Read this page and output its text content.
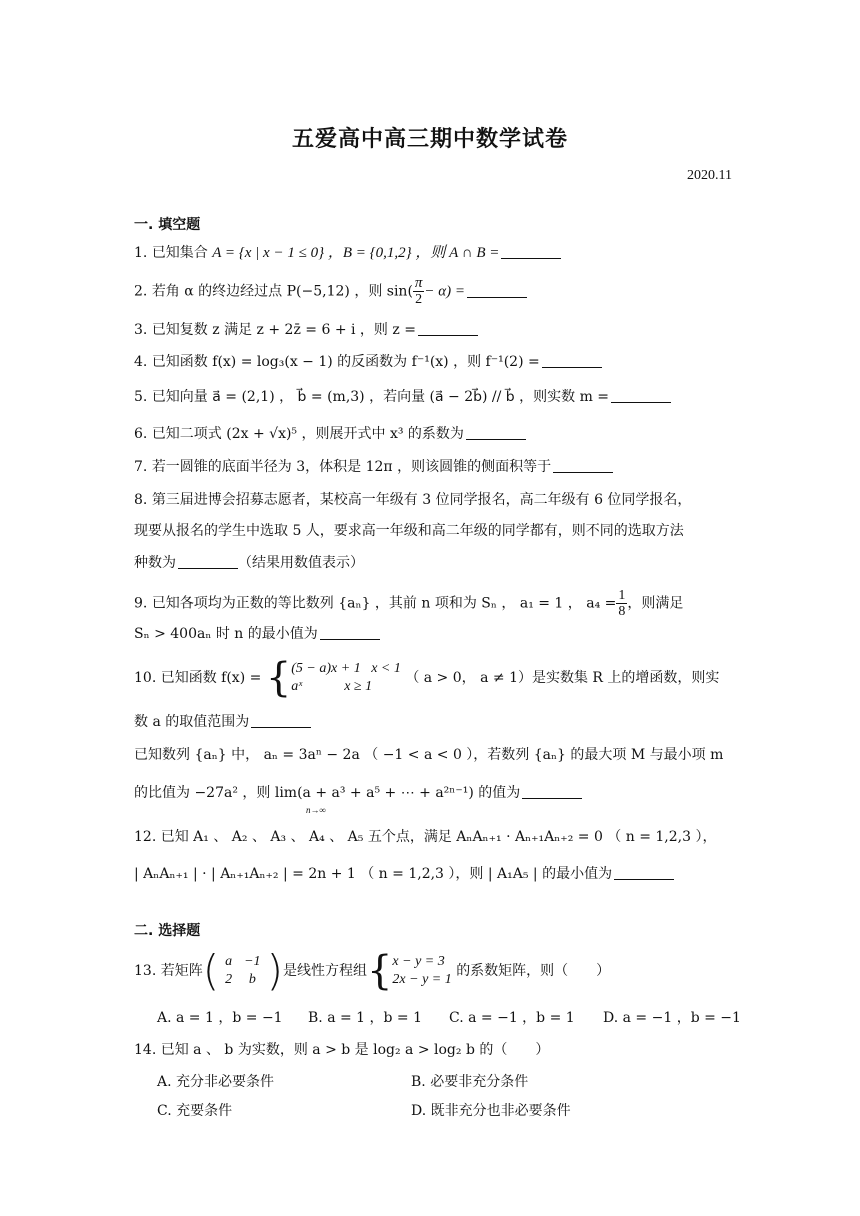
五爱高中高三期中数学试卷
2020.11
一. 填空题
1. 已知集合 A = {x | x − 1 ≤ 0} ，B = {0,1,2} ，则 A ∩ B =
2. 若角 α 的终边经过点 P(−5,12) ，则 $\sin( \frac{\pi}{2} - \alpha)$ =
3. 已知复数 z 满足 z + 2z̄ = 6 + i ，则 z =
4. 已知函数 f(x) = log₃(x − 1) 的反函数为 f⁻¹(x) ，则 f⁻¹(2) =
5. 已知向量 a⃗ = (2,1) ， b⃗ = (m,3) ，若向量 (a⃗ − 2b⃗) // b⃗ ，则实数 m =
6. 已知二项式 (2x + √x)⁵ ，则展开式中 x³ 的系数为
7. 若一圆锥的底面半径为 3，体积是 12π ，则该圆锥的侧面积等于
8. 第三届进博会招募志愿者，某校高一年级有 3 位同学报名，高二年级有 6 位同学报名，
现要从报名的学生中选取 5 人，要求高一年级和高二年级的同学都有，则不同的选取方法
种数为	（结果用数值表示）
9. 已知各项均为正数的等比数列 {aₙ} ，其前 n 项和为 Sₙ ， a₁ = 1 ， $a_4 = \frac{1}{8}$ ，则满足
Sₙ > 400aₙ 时 n 的最小值为
10. 已知函数 f(x) = { (5 − a)x + 1   x < 1
aˣ            x ≥ 1
（ a > 0， a ≠ 1）是实数集 R 上的增函数，则实
数 a 的取值范围为
已知数列 {aₙ} 中， aₙ = 3aⁿ − 2a （ −1 < a < 0 ），若数列 {aₙ} 的最大项 M 与最小项 m
的比值为 −27a² ，则 lim(a + a³ + a⁵ + ⋯ + a²ⁿ⁻¹) 的值为
n→∞
12. 已知 A₁ 、 A₂ 、 A₃ 、 A₄ 、 A₅ 五个点，满足 AₙAₙ₊₁ · Aₙ₊₁Aₙ₊₂ = 0 （ n = 1,2,3 ），
| AₙAₙ₊₁ | · | Aₙ₊₁Aₙ₊₂ | = 2n + 1 （ n = 1,2,3 ），则 | A₁A₅ | 的最小值为
二. 选择题
13. 若矩阵( a	−1
2	b )是线性方程组{ x − y = 3
2x − y = 1
的系数矩阵，则（　　）
A. a = 1 ，b = −1 B. a = 1 ，b = 1 C. a = −1 ，b = 1 D. a = −1 ，b = −1
14. 已知 a 、 b 为实数，则 a > b 是 log₂ a > log₂ b 的（　　）
A. 充分非必要条件	B. 必要非充分条件
C. 充要条件	D. 既非充分也非必要条件
